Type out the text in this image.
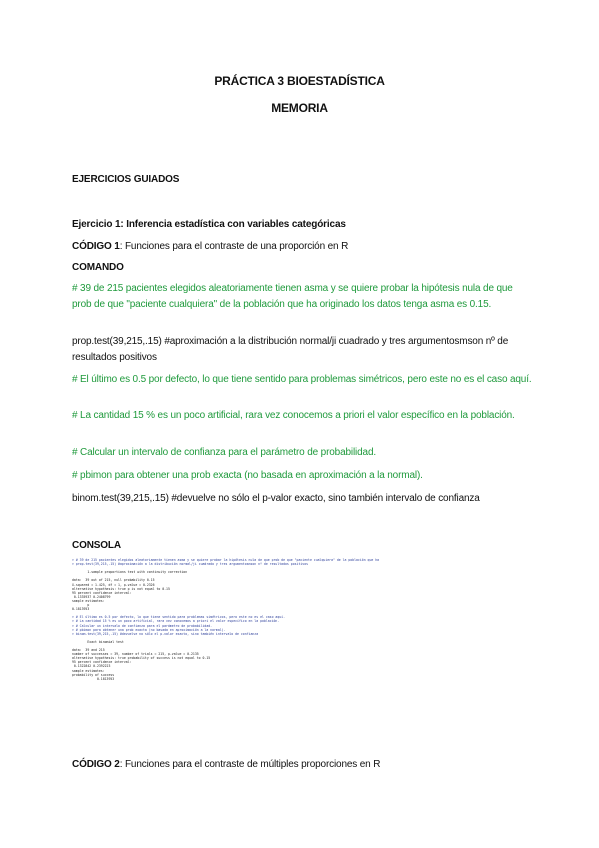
PRÁCTICA 3 BIOESTADÍSTICA
MEMORIA
EJERCICIOS GUIADOS
Ejercicio 1: Inferencia estadística con variables categóricas
CÓDIGO 1: Funciones para el contraste de una proporción en R
COMANDO
# 39 de 215 pacientes elegidos aleatoriamente tienen asma y se quiere probar la hipótesis nula de que prob de que "paciente cualquiera" de la población que ha originado los datos tenga asma es 0.15.
prop.test(39,215,.15) #aproximación a la distribución normal/ji cuadrado y tres argumentosmson nº de resultados positivos
# El último es 0.5 por defecto, lo que tiene sentido para problemas simétricos, pero este no es el caso aquí.
# La cantidad 15 % es un poco artificial, rara vez conocemos a priori el valor específico en la población.
# Calcular un intervalo de confianza para el parámetro de probabilidad.
# pbimon para obtener una prob exacta (no basada en aproximación a la normal).
binom.test(39,215,.15) #devuelve no sólo el p-valor exacto, sino también intervalo de confianza
CONSOLA
> # 39 de 215 pacientes elegidos aleatoriamente tienen asma y se quiere probar la hipótesis nula de que prob de que "paciente cualquiera" de la población que ha
> prop.test(39,215,.15) #aproximación a la distribución normal/ji cuadrado y tres argumentosmson nº de resultados positivos

1-sample proportions test with continuity correction

data:  39 out of 215, null probability 0.15
X-squared = 1.425, df = 1, p-value = 0.2326
alternative hypothesis: true p is not equal to 0.15
95 percent confidence interval:
0.1335937 0.2408799
sample estimates:
p
0.1813953

> # El último es 0.5 por defecto, lo que tiene sentido para problemas simétricos, pero este no es el caso aquí.
> # La cantidad 15 % es un poco artificial, rara vez conocemos a priori el valor específico en la población.
> # Calcular un intervalo de confianza para el parámetro de probabilidad.
> # pbimon para obtener una prob exacta (no basada en aproximación a la normal).
> binom.test(39,215,.15) #devuelve no sólo el p-valor exacto, sino también intervalo de confianza

Exact binomial test

data:  39 and 215
number of successes = 39, number of trials = 215, p-value = 0.2135
alternative hypothesis: true probability of success is not equal to 0.15
95 percent confidence interval:
0.1322842 0.2392223
sample estimates:
probability of success
0.1813953
CÓDIGO 2: Funciones para el contraste de múltiples proporciones en R
